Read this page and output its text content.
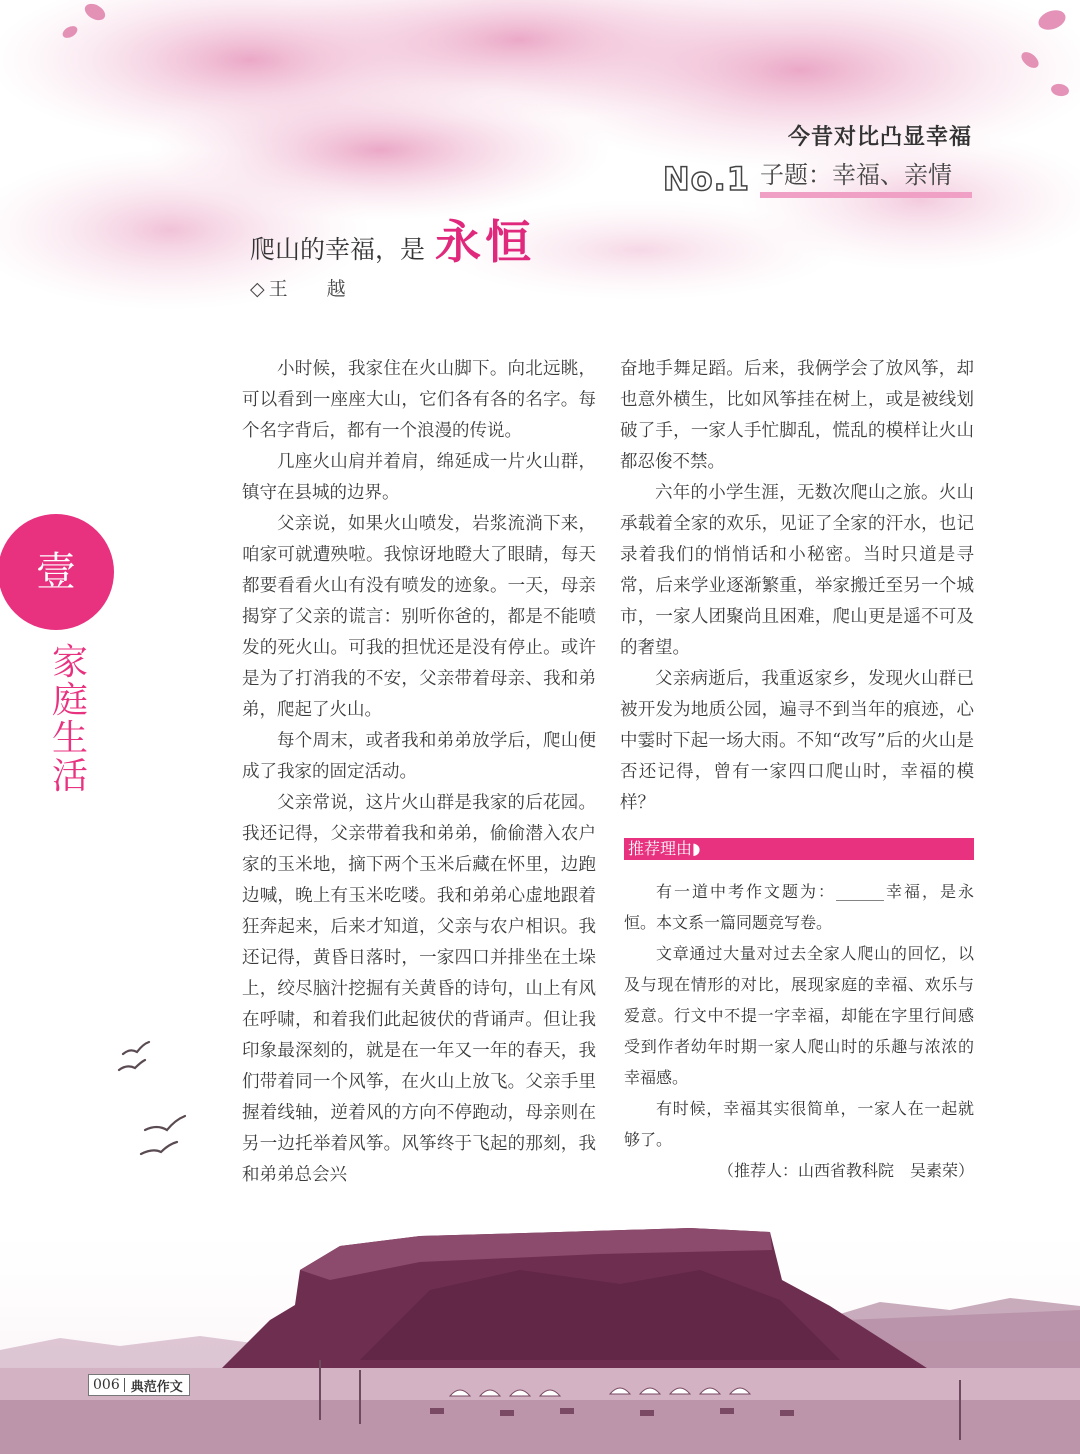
今昔对比凸显幸福
No.1 子题：幸福、亲情
爬山的幸福，是 永恒
◇ 王　越
壹
家庭生活

小时候，我家住在火山脚下。向北远眺，可以看到一座座大山，它们各有各的名字。每个名字背后，都有一个浪漫的传说。

几座火山肩并着肩，绵延成一片火山群，镇守在县城的边界。

父亲说，如果火山喷发，岩浆流淌下来，咱家可就遭殃啦。我惊讶地瞪大了眼睛，每天都要看看火山有没有喷发的迹象。一天，母亲揭穿了父亲的谎言：别听你爸的，都是不能喷发的死火山。可我的担忧还是没有停止。或许是为了打消我的不安，父亲带着母亲、我和弟弟，爬起了火山。

每个周末，或者我和弟弟放学后，爬山便成了我家的固定活动。

父亲常说，这片火山群是我家的后花园。我还记得，父亲带着我和弟弟，偷偷潜入农户家的玉米地，摘下两个玉米后藏在怀里，边跑边喊，晚上有玉米吃喽。我和弟弟心虚地跟着狂奔起来，后来才知道，父亲与农户相识。我还记得，黄昏日落时，一家四口并排坐在土垛上，绞尽脑汁挖掘有关黄昏的诗句，山上有风在呼啸，和着我们此起彼伏的背诵声。但让我印象最深刻的，就是在一年又一年的春天，我们带着同一个风筝，在火山上放飞。父亲手里握着线轴，逆着风的方向不停跑动，母亲则在另一边托举着风筝。风筝终于飞起的那刻，我和弟弟总会兴

奋地手舞足蹈。后来，我俩学会了放风筝，却也意外横生，比如风筝挂在树上，或是被线划破了手，一家人手忙脚乱，慌乱的模样让火山都忍俊不禁。

六年的小学生涯，无数次爬山之旅。火山承载着全家的欢乐，见证了全家的汗水，也记录着我们的悄悄话和小秘密。当时只道是寻常，后来学业逐渐繁重，举家搬迁至另一个城市，一家人团聚尚且困难，爬山更是遥不可及的奢望。

父亲病逝后，我重返家乡，发现火山群已被开发为地质公园，遍寻不到当年的痕迹，心中霎时下起一场大雨。不知“改写”后的火山是否还记得，曾有一家四口爬山时，幸福的模样？

推荐理由◗

有一道中考作文题为：______幸福，是永恒。本文系一篇同题竞写卷。

文章通过大量对过去全家人爬山的回忆，以及与现在情形的对比，展现家庭的幸福、欢乐与爱意。行文中不提一字幸福，却能在字里行间感受到作者幼年时期一家人爬山时的乐趣与浓浓的幸福感。

有时候，幸福其实很简单，一家人在一起就够了。

（推荐人：山西省教科院　吴素荣）

006 典范作文
